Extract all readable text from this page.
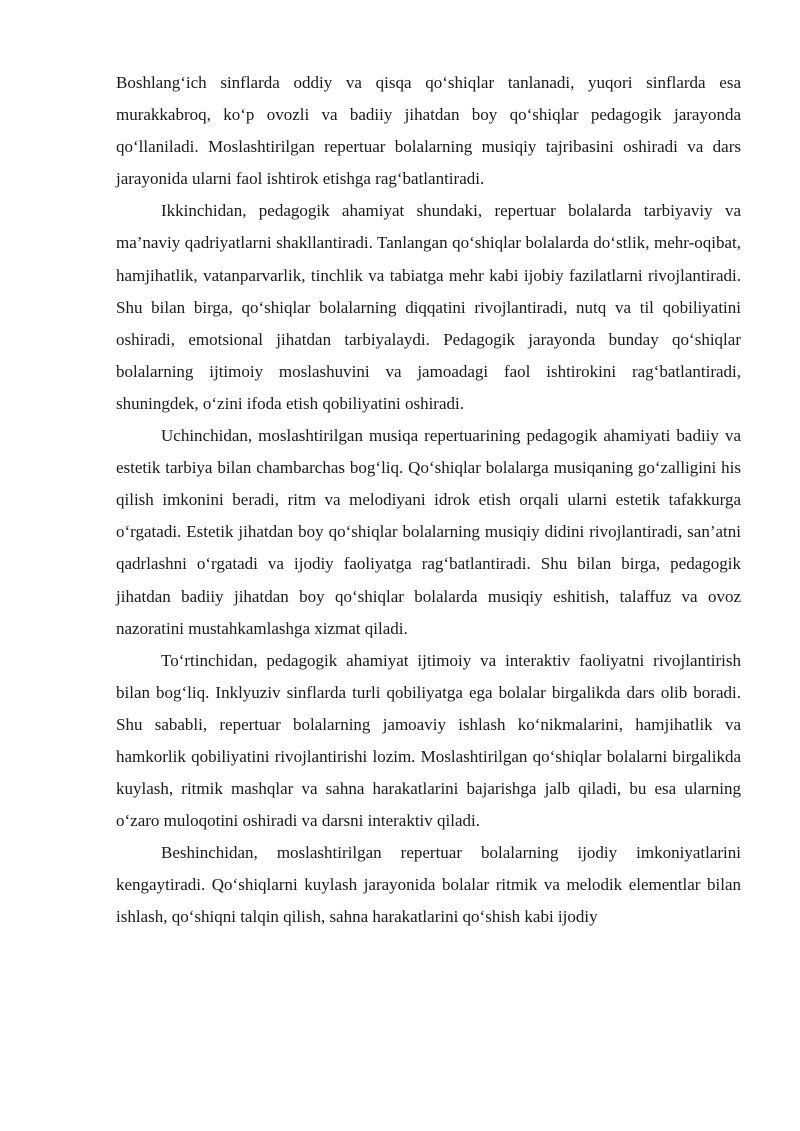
Boshlang‘ich sinflarda oddiy va qisqa qo‘shiqlar tanlanadi, yuqori sinflarda esa murakkabroq, ko‘p ovozli va badiiy jihatdan boy qo‘shiqlar pedagogik jarayonda qo‘llaniladi. Moslashtirilgan repertuar bolalarning musiqiy tajribasini oshiradi va dars jarayonida ularni faol ishtirok etishga rag‘batlantiradi.

Ikkinchidan, pedagogik ahamiyat shundaki, repertuar bolalarda tarbiyaviy va ma’naviy qadriyatlarni shakllantiradi. Tanlangan qo‘shiqlar bolalarda do‘stlik, mehr-oqibat, hamjihatlik, vatanparvarlik, tinchlik va tabiatga mehr kabi ijobiy fazilatlarni rivojlantiradi. Shu bilan birga, qo‘shiqlar bolalarning diqqatini rivojlantiradi, nutq va til qobiliyatini oshiradi, emotsional jihatdan tarbiyalaydi. Pedagogik jarayonda bunday qo‘shiqlar bolalarning ijtimoiy moslashuvini va jamoadagi faol ishtirokini rag‘batlantiradi, shuningdek, o‘zini ifoda etish qobiliyatini oshiradi.

Uchinchidan, moslashtirilgan musiqa repertuarining pedagogik ahamiyati badiiy va estetik tarbiya bilan chambarchas bog‘liq. Qo‘shiqlar bolalarga musiqaning go‘zalligini his qilish imkonini beradi, ritm va melodiyani idrok etish orqali ularni estetik tafakkurga o‘rgatadi. Estetik jihatdan boy qo‘shiqlar bolalarning musiqiy didini rivojlantiradi, san’atni qadrlashni o‘rgatadi va ijodiy faoliyatga rag‘batlantiradi. Shu bilan birga, pedagogik jihatdan badiiy jihatdan boy qo‘shiqlar bolalarda musiqiy eshitish, talaffuz va ovoz nazoratini mustahkamlashga xizmat qiladi.

To‘rtinchidan, pedagogik ahamiyat ijtimoiy va interaktiv faoliyatni rivojlantirish bilan bog‘liq. Inklyuziv sinflarda turli qobiliyatga ega bolalar birgalikda dars olib boradi. Shu sababli, repertuar bolalarning jamoaviy ishlash ko‘nikmalarini, hamjihatlik va hamkorlik qobiliyatini rivojlantirishi lozim. Moslashtirilgan qo‘shiqlar bolalarni birgalikda kuylash, ritmik mashqlar va sahna harakatlarini bajarishga jalb qiladi, bu esa ularning o‘zaro muloqotini oshiradi va darsni interaktiv qiladi.

Beshinchidan, moslashtirilgan repertuar bolalarning ijodiy imkoniyatlarini kengaytiradi. Qo‘shiqlarni kuylash jarayonida bolalar ritmik va melodik elementlar bilan ishlash, qo‘shiqni talqin qilish, sahna harakatlarini qo‘shish kabi ijodiy
